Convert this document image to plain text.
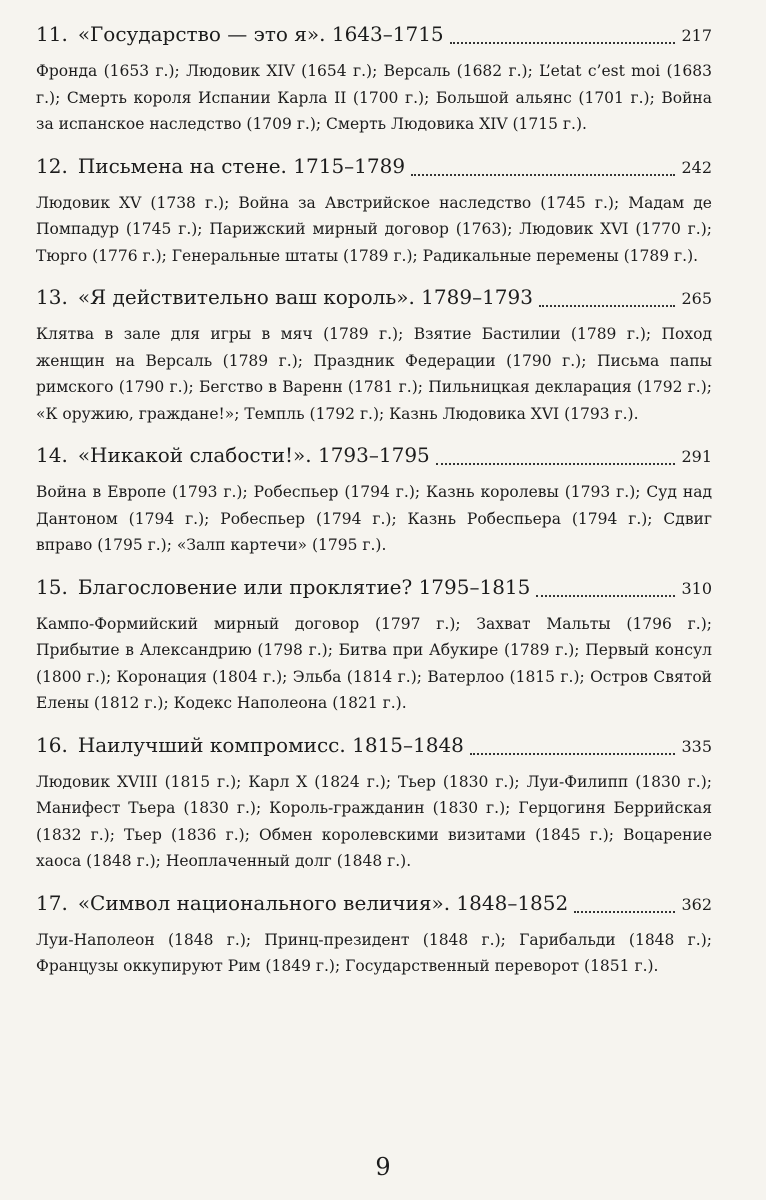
11. «Государство — это я». 1643–1715	217

Фронда (1653 г.); Людовик XIV (1654 г.); Версаль (1682 г.); L’etat c’est moi (1683 г.); Смерть короля Испании Карла II (1700 г.); Большой альянс (1701 г.); Война за испанское наследство (1709 г.); Смерть Людовика XIV (1715 г.).

12. Письмена на стене. 1715–1789	242

Людовик XV (1738 г.); Война за Австрийское наследство (1745 г.); Мадам де Помпадур (1745 г.); Парижский мирный договор (1763); Людовик XVI (1770 г.); Тюрго (1776 г.); Генеральные штаты (1789 г.); Радикальные перемены (1789 г.).

13. «Я действительно ваш король». 1789–1793	265

Клятва в зале для игры в мяч (1789 г.); Взятие Бастилии (1789 г.); Поход женщин на Версаль (1789 г.); Праздник Федерации (1790 г.); Письма папы римского (1790 г.); Бегство в Варенн (1781 г.); Пильницкая декларация (1792 г.); «К оружию, граждане!»; Темпль (1792 г.); Казнь Людовика XVI (1793 г.).

14. «Никакой слабости!». 1793–1795	291

Война в Европе (1793 г.); Робеспьер (1794 г.); Казнь королевы (1793 г.); Суд над Дантоном (1794 г.); Робеспьер (1794 г.); Казнь Робеспьера (1794 г.); Сдвиг вправо (1795 г.); «Залп картечи» (1795 г.).

15. Благословение или проклятие? 1795–1815	310

Кампо-Формийский мирный договор (1797 г.); Захват Мальты (1796 г.); Прибытие в Александрию (1798 г.); Битва при Абукире (1789 г.); Первый консул (1800 г.); Коронация (1804 г.); Эльба (1814 г.); Ватерлоо (1815 г.); Остров Святой Елены (1812 г.); Кодекс Наполеона (1821 г.).

16. Наилучший компромисс. 1815–1848	335

Людовик XVIII (1815 г.); Карл X (1824 г.); Тьер (1830 г.); Луи-Филипп (1830 г.); Манифест Тьера (1830 г.); Король-гражданин (1830 г.); Герцогиня Беррийская (1832 г.); Тьер (1836 г.); Обмен королевскими визитами (1845 г.); Воцарение хаоса (1848 г.); Неоплаченный долг (1848 г.).

17. «Символ национального величия». 1848–1852	362

Луи-Наполеон (1848 г.); Принц-президент (1848 г.); Гарибальди (1848 г.); Французы оккупируют Рим (1849 г.); Государственный переворот (1851 г.).

9
